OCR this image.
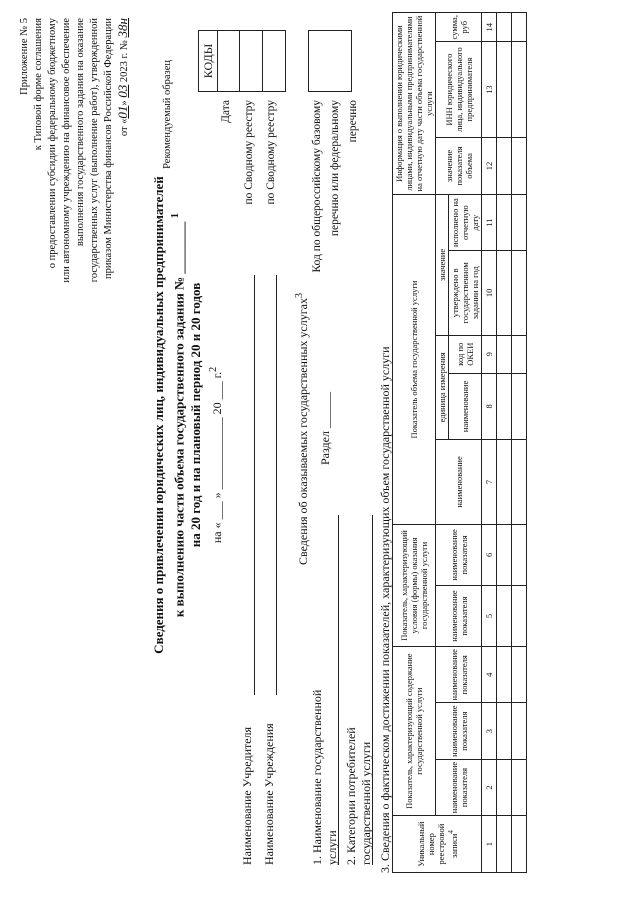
Приложение № 5 к Типовой форме соглашения о предоставлении субсидии федеральному бюджетному или автономному учреждению на финансовое обеспечение выполнения государственного задания на оказание государственных услуг (выполнение работ), утвержденной приказом Министерства финансов Российской Федерации от «01» 03 2023 г. № 38н
Рекомендуемый образец
Сведения о привлечении юридических лиц, индивидуальных предпринимателей к выполнению части объема государственного задания № ________ $^1$
на 20 год и на плановый период 20 и 20 годов на « ___ » ____________ 20 ___ г.$^2$
КОДЫ
Дата по Сводному реестру по Сводному реестру
Наименование Учредителя Наименование Учреждения
Сведения об оказываемых государственных услугах$^3$
Раздел ______
Код по общероссийскому базовому перечню или федеральному перечню
1. Наименование государственной услуги 2. Категории потребителей государственной услуги 3. Сведения о фактическом достижении показателей, характеризующих объем государственной услуги	Уникальный номер реестровой записи$^4$	Показатель, характеризующий содержание государственной услуги			Показатель, характеризующий условия (формы) оказания государственной услуги		Показатель объема государственной услуги					Информация о выполнении юридическими лицами, индивидуальными предпринимателями на отчетную дату части объема государственной услуги		
	наименование показателя	наименование показателя	наименование показателя	наименование показателя	наименование показателя	наименование	единица измерения		значение		значение показателя объема	ИНН юридического лица, индивидуального предпринимателя	сумма, руб
							наименование	код по ОКЕИ	утверждено в государственном задании на год	исполнено на отчетную дату			
1	2	3	4	5	6	7	8	9	10	11	12	13	14
